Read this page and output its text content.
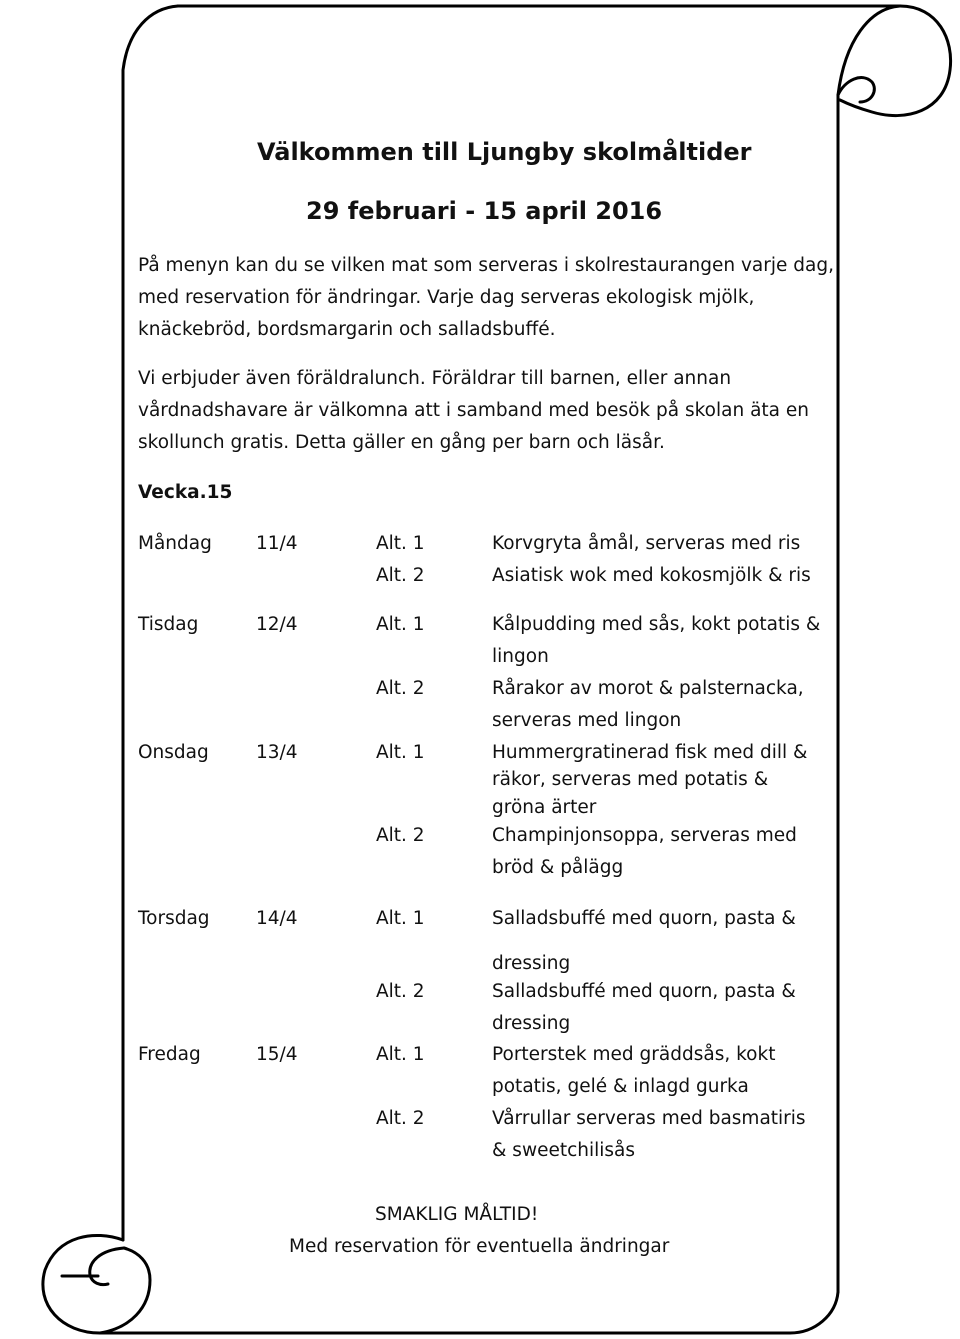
Välkommen till Ljungby skolmåltider
29 februari - 15 april 2016
På menyn kan du se vilken mat som serveras i skolrestaurangen varje dag,
med reservation för ändringar. Varje dag serveras ekologisk mjölk,
knäckebröd, bordsmargarin och salladsbuffé.
Vi erbjuder även föräldralunch. Föräldrar till barnen, eller annan
vårdnadshavare är välkomna att i samband med besök på skolan äta en
skollunch gratis. Detta gäller en gång per barn och läsår.
Vecka.15
Måndag 11/4	Alt. 1	Korvgryta åmål, serveras med ris
Alt. 2	Asiatisk wok med kokosmjölk & ris
Tisdag	12/4	Alt. 1	Kålpudding med sås, kokt potatis &
lingon
Alt. 2	Rårakor av morot & palsternacka,
serveras med lingon
Onsdag	13/4	Alt. 1	Hummergratinerad fisk med dill &
räkor, serveras med potatis &
gröna ärter
Alt. 2	Champinjonsoppa, serveras med
bröd & pålägg
Torsdag	14/4	Alt. 1	Salladsbuffé med quorn, pasta &
dressing
Alt. 2	Salladsbuffé med quorn, pasta &
dressing
Fredag	15/4	Alt. 1	Porterstek med gräddsås, kokt
potatis, gelé & inlagd gurka
Alt. 2	Vårrullar serveras med basmatiris
& sweetchilisås
SMAKLIG MÅLTID!
Med reservation för eventuella ändringar
